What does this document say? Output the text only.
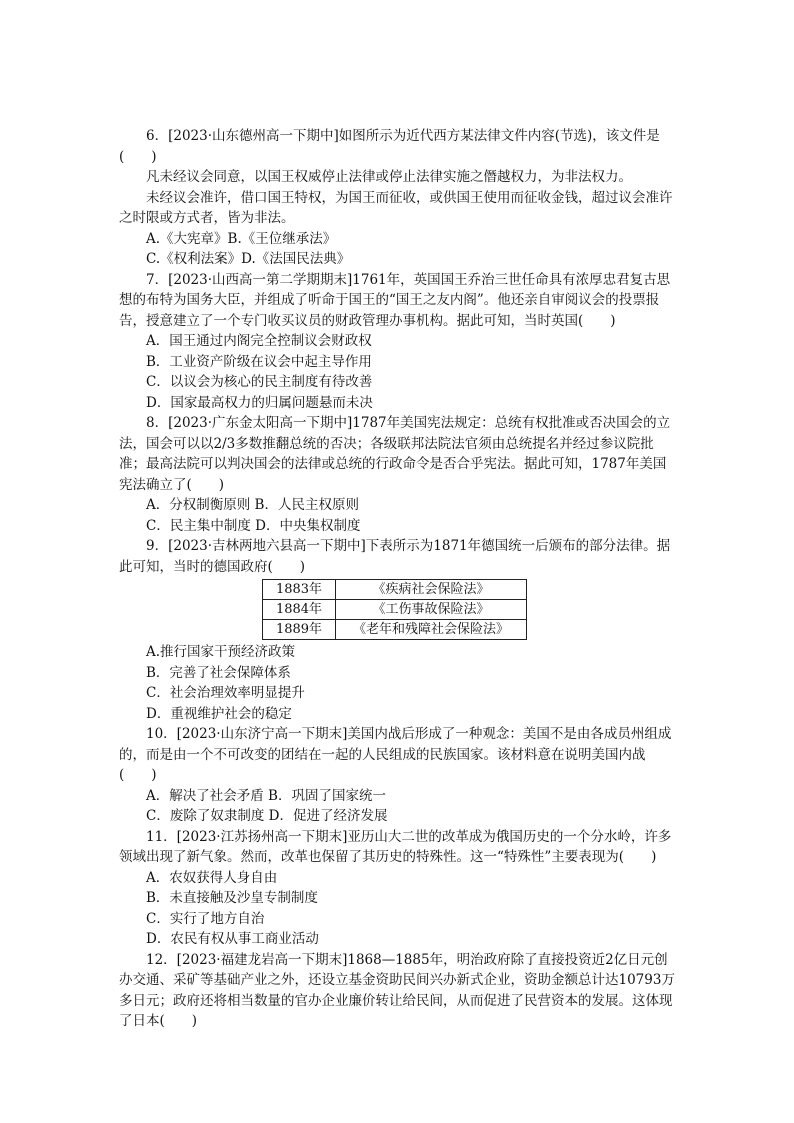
6．[2023·山东德州高一下期中]如图所示为近代西方某法律文件内容(节选)，该文件是(　　)

凡未经议会同意，以国王权威停止法律或停止法律实施之僭越权力，为非法权力。

未经议会准许，借口国王特权，为国王而征收，或供国王使用而征收金钱，超过议会准许之时限或方式者，皆为非法。

A.《大宪章》B.《王位继承法》

C.《权利法案》D.《法国民法典》

7．[2023·山西高一第二学期期末]1761年，英国国王乔治三世任命具有浓厚忠君复古思想的布特为国务大臣，并组成了听命于国王的“国王之友内阁”。他还亲自审阅议会的投票报告，授意建立了一个专门收买议员的财政管理办事机构。据此可知，当时英国(　　)

A．国王通过内阁完全控制议会财政权

B．工业资产阶级在议会中起主导作用

C．以议会为核心的民主制度有待改善

D．国家最高权力的归属问题悬而未决

8．[2023·广东金太阳高一下期中]1787年美国宪法规定：总统有权批准或否决国会的立法，国会可以以2/3多数推翻总统的否决；各级联邦法院法官须由总统提名并经过参议院批准；最高法院可以判决国会的法律或总统的行政命令是否合乎宪法。据此可知，1787年美国宪法确立了(　　)

A．分权制衡原则 B．人民主权原则

C．民主集中制度 D．中央集权制度

9．[2023·吉林两地六县高一下期中]下表所示为1871年德国统一后颁布的部分法律。据此可知，当时的德国政府(　　)

1883年	《疾病社会保险法》
1884年	《工伤事故保险法》
1889年	《老年和残障社会保险法》

A.推行国家干预经济政策

B．完善了社会保障体系

C．社会治理效率明显提升

D．重视维护社会的稳定

10．[2023·山东济宁高一下期末]美国内战后形成了一种观念：美国不是由各成员州组成的，而是由一个不可改变的团结在一起的人民组成的民族国家。该材料意在说明美国内战(　　)

A．解决了社会矛盾 B．巩固了国家统一

C．废除了奴隶制度 D．促进了经济发展

11．[2023·江苏扬州高一下期末]亚历山大二世的改革成为俄国历史的一个分水岭，许多领域出现了新气象。然而，改革也保留了其历史的特殊性。这一“特殊性”主要表现为(　　)

A．农奴获得人身自由

B．未直接触及沙皇专制制度

C．实行了地方自治

D．农民有权从事工商业活动

12．[2023·福建龙岩高一下期末]1868—1885年，明治政府除了直接投资近2亿日元创办交通、采矿等基础产业之外，还设立基金资助民间兴办新式企业，资助金额总计达10793万多日元；政府还将相当数量的官办企业廉价转让给民间，从而促进了民营资本的发展。这体现了日本(　　)
